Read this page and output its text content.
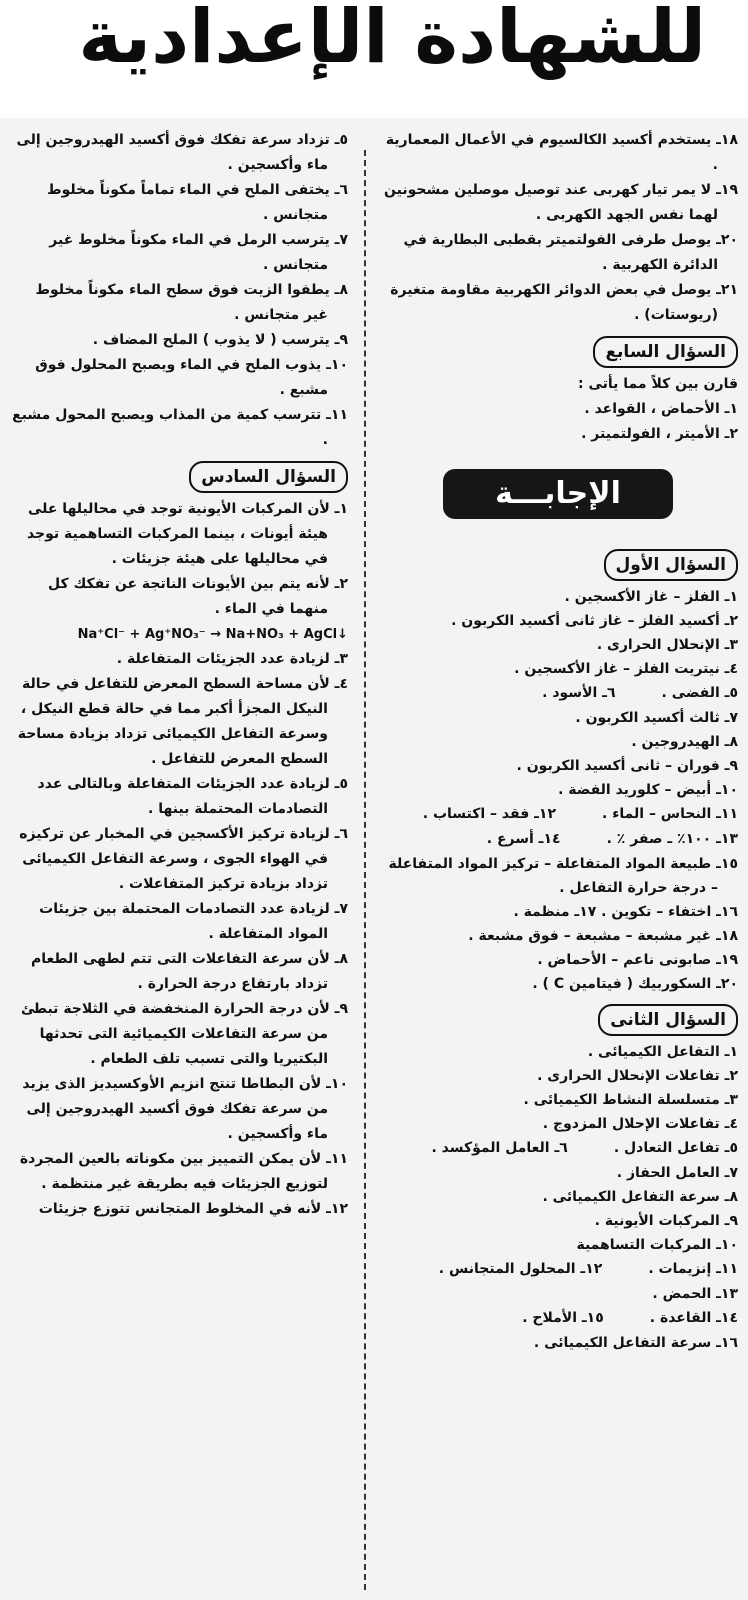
للشهادة الإعدادية

١٨ـ يستخدم أكسيد الكالسيوم في الأعمال المعمارية .

١٩ـ لا يمر تيار كهربى عند توصيل موصلين مشحونين لهما نفس الجهد الكهربى .

٢٠ـ يوصل طرفى الفولتميتر بقطبى البطارية في الدائرة الكهربية .

٢١ـ يوصل في بعض الدوائر الكهربية مقاومة متغيرة (ريوستات) .

السؤال السابع

قارن بين كلاً مما يأتى :

١ـ الأحماض ، القواعد .

٢ـ الأميتر ، الفولتميتر .

الإجابـــة
السؤال الأول

١ـ الفلز – غاز الأكسجين .

٢ـ أكسيد الفلز – غاز ثانى أكسيد الكربون .

٣ـ الإنحلال الحرارى .

٤ـ نيتريت الفلز – غاز الأكسجين .

٥ـ الفضى .
٦ـ الأسود .

٧ـ ثالث أكسيد الكربون .

٨ـ الهيدروجين .

٩ـ فوران – ثانى أكسيد الكربون .

١٠ـ أبيض – كلوريد الفضة .

١١ـ النحاس – الماء .
١٢ـ فقد – اكتساب .
١٣ـ ١٠٠٪ ـ صفر ٪ .
١٤ـ أسرع .

١٥ـ طبيعة المواد المتفاعلة – تركيز المواد المتفاعلة – درجة حرارة التفاعل .

١٦ـ اختفاء – تكوين . ١٧ـ منظمة .

١٨ـ غير مشبعة – مشبعة – فوق مشبعة .

١٩ـ صابونى ناعم – الأحماض .

٢٠ـ السكوربيك ( فيتامين C ) .

السؤال الثانى

١ـ التفاعل الكيميائى .

٢ـ تفاعلات الإنحلال الحرارى .

٣ـ متسلسلة النشاط الكيميائى .

٤ـ تفاعلات الإحلال المزدوج .

٥ـ تفاعل التعادل .
٦ـ العامل المؤكسد .

٧ـ العامل الحفاز .

٨ـ سرعة التفاعل الكيميائى .

٩ـ المركبات الأيونية .

١٠ـ المركبات التساهمية

١١ـ إنزيمات .
١٢ـ المحلول المتجانس .

١٣ـ الحمض .

١٤ـ القاعدة .
١٥ـ الأملاح .

١٦ـ سرعة التفاعل الكيميائى .

٥ـ تزداد سرعة تفكك فوق أكسيد الهيدروجين إلى ماء وأكسجين .

٦ـ يختفى الملح في الماء تماماً مكوناً مخلوط متجانس .

٧ـ يترسب الرمل في الماء مكوناً مخلوط غير متجانس .

٨ـ يطفوا الزيت فوق سطح الماء مكوناً مخلوط غير متجانس .

٩ـ يترسب ( لا يذوب ) الملح المضاف .

١٠ـ يذوب الملح في الماء ويصبح المحلول فوق مشبع .

١١ـ تترسب كمية من المذاب ويصبح المحول مشبع .

السؤال السادس

١ـ لأن المركبات الأيونية توجد في محاليلها على هيئة أيونات ، بينما المركبات التساهمية توجد في محاليلها على هيئة جزيئات .

٢ـ لأنه يتم بين الأيونات الناتجة عن تفكك كل منهما في الماء .

Na⁺Cl⁻ + Ag⁺NO₃⁻ → Na+NO₃ + AgCl↓

٣ـ لزيادة عدد الجزيئات المتفاعلة .

٤ـ لأن مساحة السطح المعرض للتفاعل في حالة النيكل المجزأ أكبر مما في حالة قطع النيكل ، وسرعة التفاعل الكيميائى تزداد بزيادة مساحة السطح المعرض للتفاعل .

٥ـ لزيادة عدد الجزيئات المتفاعلة وبالتالى عدد التصادمات المحتملة بينها .

٦ـ لزيادة تركيز الأكسجين في المخبار عن تركيزه في الهواء الجوى ، وسرعة التفاعل الكيميائى تزداد بزيادة تركيز المتفاعلات .

٧ـ لزيادة عدد التصادمات المحتملة بين جزيئات المواد المتفاعلة .

٨ـ لأن سرعة التفاعلات التى تتم لطهى الطعام تزداد بارتفاع درجة الحرارة .

٩ـ لأن درجة الحرارة المنخفضة في الثلاجة تبطئ من سرعة التفاعلات الكيميائية التى تحدثها البكتيريا والتى تسبب تلف الطعام .

١٠ـ لأن البطاطا تنتج انزيم الأوكسيديز الذى يزيد من سرعة تفكك فوق أكسيد الهيدروجين إلى ماء وأكسجين .

١١ـ لأن يمكن التمييز بين مكوناته بالعين المجردة لتوزيع الجزيئات فيه بطريقة غير منتظمة .

١٢ـ لأنه في المخلوط المتجانس تتوزع جزيئات
